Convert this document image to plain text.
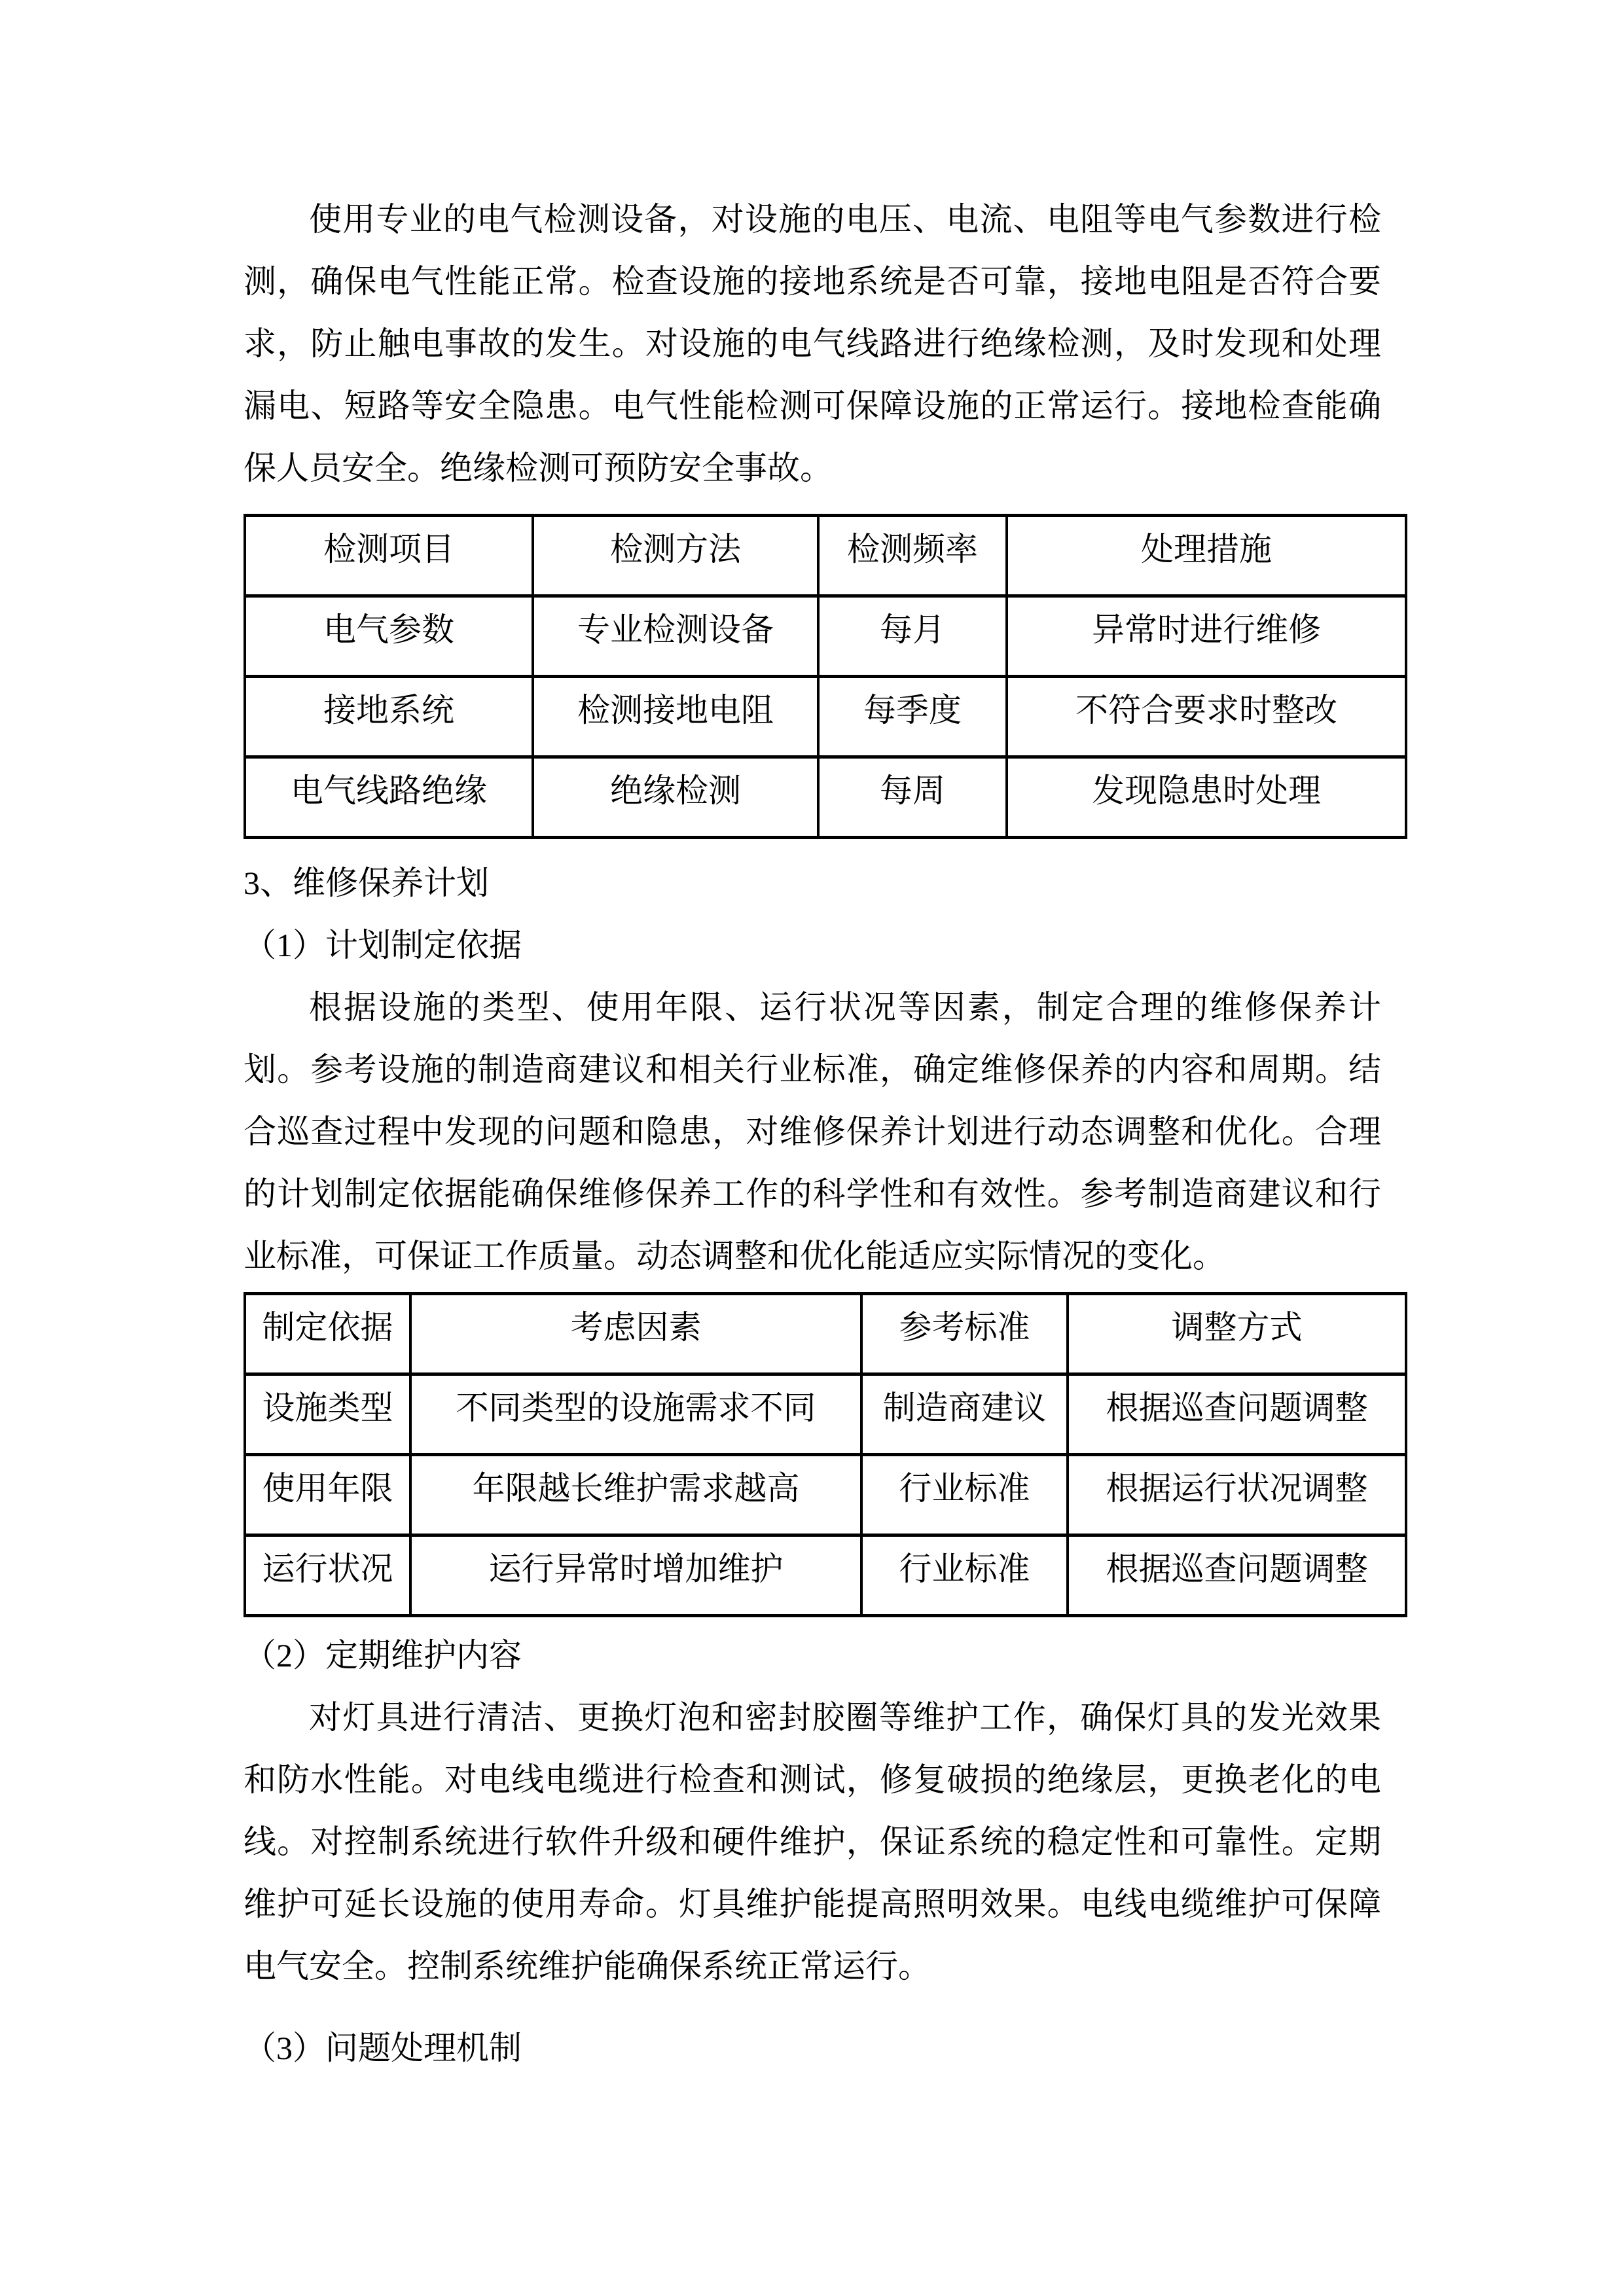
使用专业的电气检测设备，对设施的电压、电流、电阻等电气参数进行检测，确保电气性能正常。检查设施的接地系统是否可靠，接地电阻是否符合要求，防止触电事故的发生。对设施的电气线路进行绝缘检测，及时发现和处理漏电、短路等安全隐患。电气性能检测可保障设施的正常运行。接地检查能确保人员安全。绝缘检测可预防安全事故。

检测项目	检测方法	检测频率	处理措施
电气参数	专业检测设备	每月	异常时进行维修
接地系统	检测接地电阻	每季度	不符合要求时整改
电气线路绝缘	绝缘检测	每周	发现隐患时处理

3、维修保养计划

（1）计划制定依据

根据设施的类型、使用年限、运行状况等因素，制定合理的维修保养计划。参考设施的制造商建议和相关行业标准，确定维修保养的内容和周期。结合巡查过程中发现的问题和隐患，对维修保养计划进行动态调整和优化。合理的计划制定依据能确保维修保养工作的科学性和有效性。参考制造商建议和行业标准，可保证工作质量。动态调整和优化能适应实际情况的变化。

制定依据	考虑因素	参考标准	调整方式
设施类型	不同类型的设施需求不同	制造商建议	根据巡查问题调整
使用年限	年限越长维护需求越高	行业标准	根据运行状况调整
运行状况	运行异常时增加维护	行业标准	根据巡查问题调整

（2）定期维护内容

对灯具进行清洁、更换灯泡和密封胶圈等维护工作，确保灯具的发光效果和防水性能。对电线电缆进行检查和测试，修复破损的绝缘层，更换老化的电线。对控制系统进行软件升级和硬件维护，保证系统的稳定性和可靠性。定期维护可延长设施的使用寿命。灯具维护能提高照明效果。电线电缆维护可保障电气安全。控制系统维护能确保系统正常运行。

（3）问题处理机制
